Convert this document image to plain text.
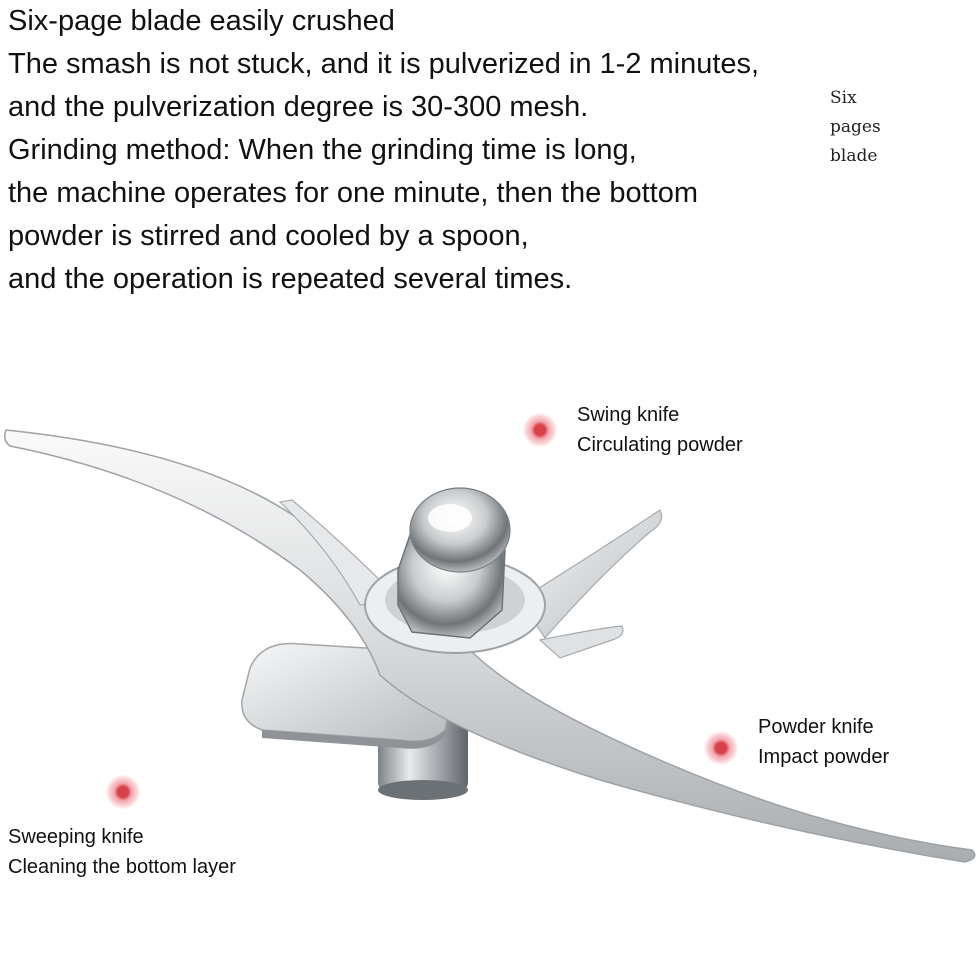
Six-page blade easily crushed
The smash is not stuck, and it is pulverized in 1-2 minutes,
and the pulverization degree is 30-300 mesh.
Grinding method: When the grinding time is long,
the machine operates for one minute, then the bottom
powder is stirred and cooled by a spoon,
and the operation is repeated several times.
Six
pages
blade
Swing knife
Circulating powder
Powder knife
Impact powder
Sweeping knife
Cleaning the bottom layer
